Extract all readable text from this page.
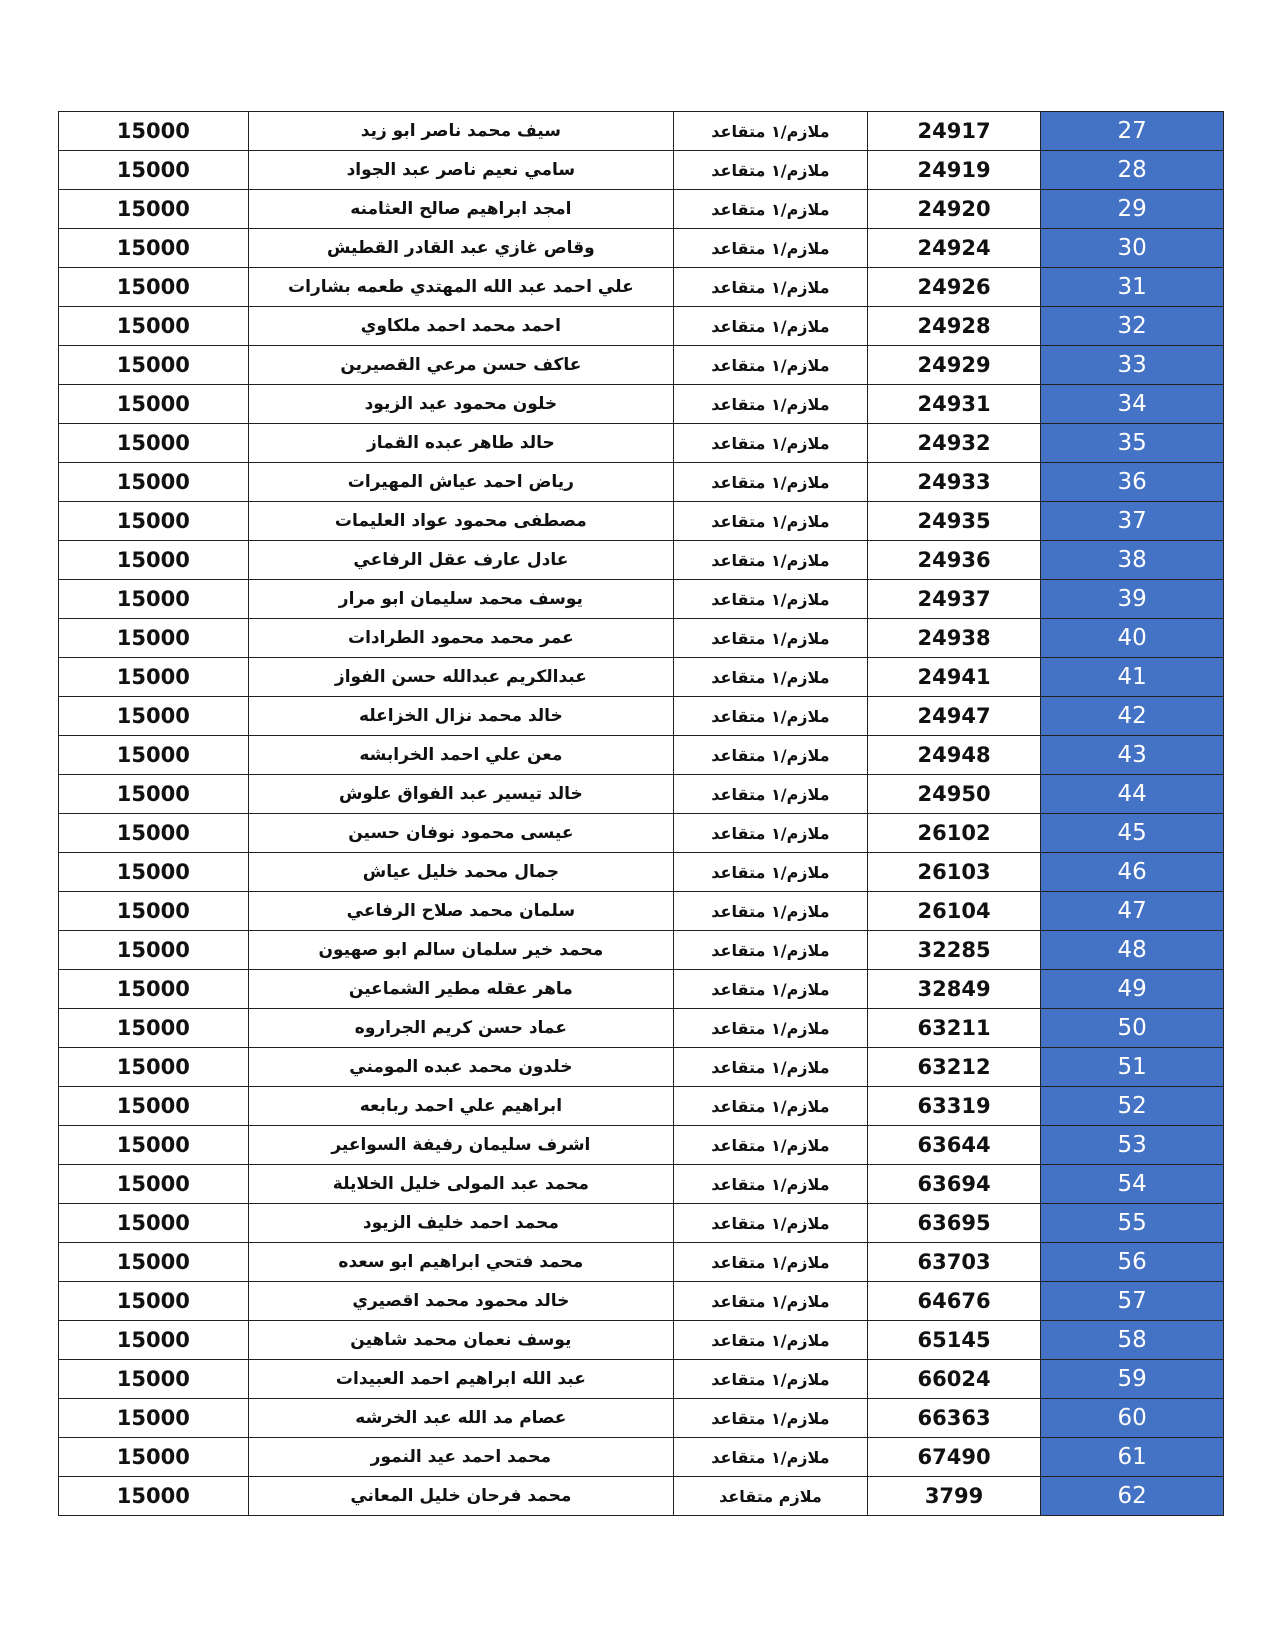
15000	سيف محمد ناصر ابو زيد	ملازم/١ متقاعد	24917	27
15000	سامي نعيم ناصر عبد الجواد	ملازم/١ متقاعد	24919	28
15000	امجد ابراهيم صالح العثامنه	ملازم/١ متقاعد	24920	29
15000	وقاص غازي عبد القادر القطيش	ملازم/١ متقاعد	24924	30
15000	علي احمد عبد الله المهتدي طعمه بشارات	ملازم/١ متقاعد	24926	31
15000	احمد محمد احمد ملكاوي	ملازم/١ متقاعد	24928	32
15000	عاكف حسن مرعي القصيرين	ملازم/١ متقاعد	24929	33
15000	خلون محمود عيد الزيود	ملازم/١ متقاعد	24931	34
15000	حالد طاهر عبده القماز	ملازم/١ متقاعد	24932	35
15000	رياض احمد عياش المهيرات	ملازم/١ متقاعد	24933	36
15000	مصطفى محمود عواد العليمات	ملازم/١ متقاعد	24935	37
15000	عادل عارف عقل الرفاعي	ملازم/١ متقاعد	24936	38
15000	يوسف محمد سليمان ابو مرار	ملازم/١ متقاعد	24937	39
15000	عمر محمد محمود الطرادات	ملازم/١ متقاعد	24938	40
15000	عبدالكريم عبدالله حسن الفواز	ملازم/١ متقاعد	24941	41
15000	خالد محمد نزال الخزاعله	ملازم/١ متقاعد	24947	42
15000	معن علي احمد الخرابشه	ملازم/١ متقاعد	24948	43
15000	خالد تيسير عبد الفواق علوش	ملازم/١ متقاعد	24950	44
15000	عيسى محمود نوفان حسين	ملازم/١ متقاعد	26102	45
15000	جمال محمد خليل عياش	ملازم/١ متقاعد	26103	46
15000	سلمان محمد صلاح الرفاعي	ملازم/١ متقاعد	26104	47
15000	محمد خير سلمان سالم ابو صهيون	ملازم/١ متقاعد	32285	48
15000	ماهر عقله مطير الشماعين	ملازم/١ متقاعد	32849	49
15000	عماد حسن كريم الجراروه	ملازم/١ متقاعد	63211	50
15000	خلدون محمد عبده المومني	ملازم/١ متقاعد	63212	51
15000	ابراهيم علي احمد ربابعه	ملازم/١ متقاعد	63319	52
15000	اشرف سليمان رفيفة السواعير	ملازم/١ متقاعد	63644	53
15000	محمد عبد المولى خليل الخلايلة	ملازم/١ متقاعد	63694	54
15000	محمد احمد خليف الزيود	ملازم/١ متقاعد	63695	55
15000	محمد فتحي ابراهيم ابو سعده	ملازم/١ متقاعد	63703	56
15000	خالد محمود محمد اقصيري	ملازم/١ متقاعد	64676	57
15000	يوسف نعمان محمد شاهين	ملازم/١ متقاعد	65145	58
15000	عبد الله ابراهيم احمد العبيدات	ملازم/١ متقاعد	66024	59
15000	عصام مد الله عبد الخرشه	ملازم/١ متقاعد	66363	60
15000	محمد احمد عيد النمور	ملازم/١ متقاعد	67490	61
15000	محمد فرحان خليل المعاني	ملازم متقاعد	3799	62
